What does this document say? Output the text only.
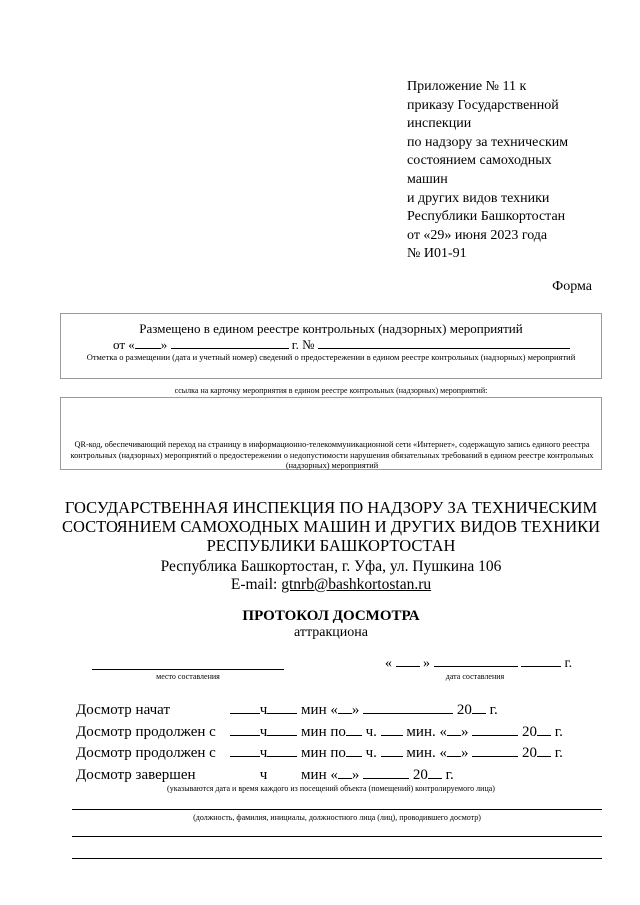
Приложение № 11 к
приказу Государственной
инспекции
по надзору за техническим
состоянием самоходных
машин
и других видов техники
Республики Башкортостан
от «29» июня 2023 года
№ И01-91
Форма
Размещено в едином реестре контрольных (надзорных) мероприятий
от « »	г. №
Отметка о размещении (дата и учетный номер) сведений о предостережении в едином реестре контрольных (надзорных) мероприятий
ссылка на карточку мероприятия в едином реестре контрольных (надзорных) мероприятий:
QR-код, обеспечивающий переход на страницу в информационно-телекоммуникационной сети «Интернет», содержащую запись единого реестра контрольных (надзорных) мероприятий о предостережении о недопустимости нарушения обязательных требований в едином реестре контрольных (надзорных) мероприятий
ГОСУДАРСТВЕННАЯ ИНСПЕКЦИЯ ПО НАДЗОРУ ЗА ТЕХНИЧЕСКИМ
СОСТОЯНИЕМ САМОХОДНЫХ МАШИН И ДРУГИХ ВИДОВ ТЕХНИКИ
РЕСПУБЛИКИ БАШКОРТОСТАН
Республика Башкортостан, г. Уфа, ул. Пушкина 106
E-mail: gtnrb@bashkortostan.ru
ПРОТОКОЛ ДОСМОТРА
аттракциона
место составления
« »	г.
дата составления
Досмотр начат	ч мин « »	20 г.
Досмотр продолжен с	ч мин по ч.  мин. « »	20 г.
Досмотр продолжен с	ч мин по ч.  мин. « »	20 г.
Досмотр завершен	ч мин « »	20 г.
(указываются дата и время каждого из посещений объекта (помещений) контролируемого лица)
(должность, фамилия, инициалы, должностного лица (лиц), проводившего досмотр)
